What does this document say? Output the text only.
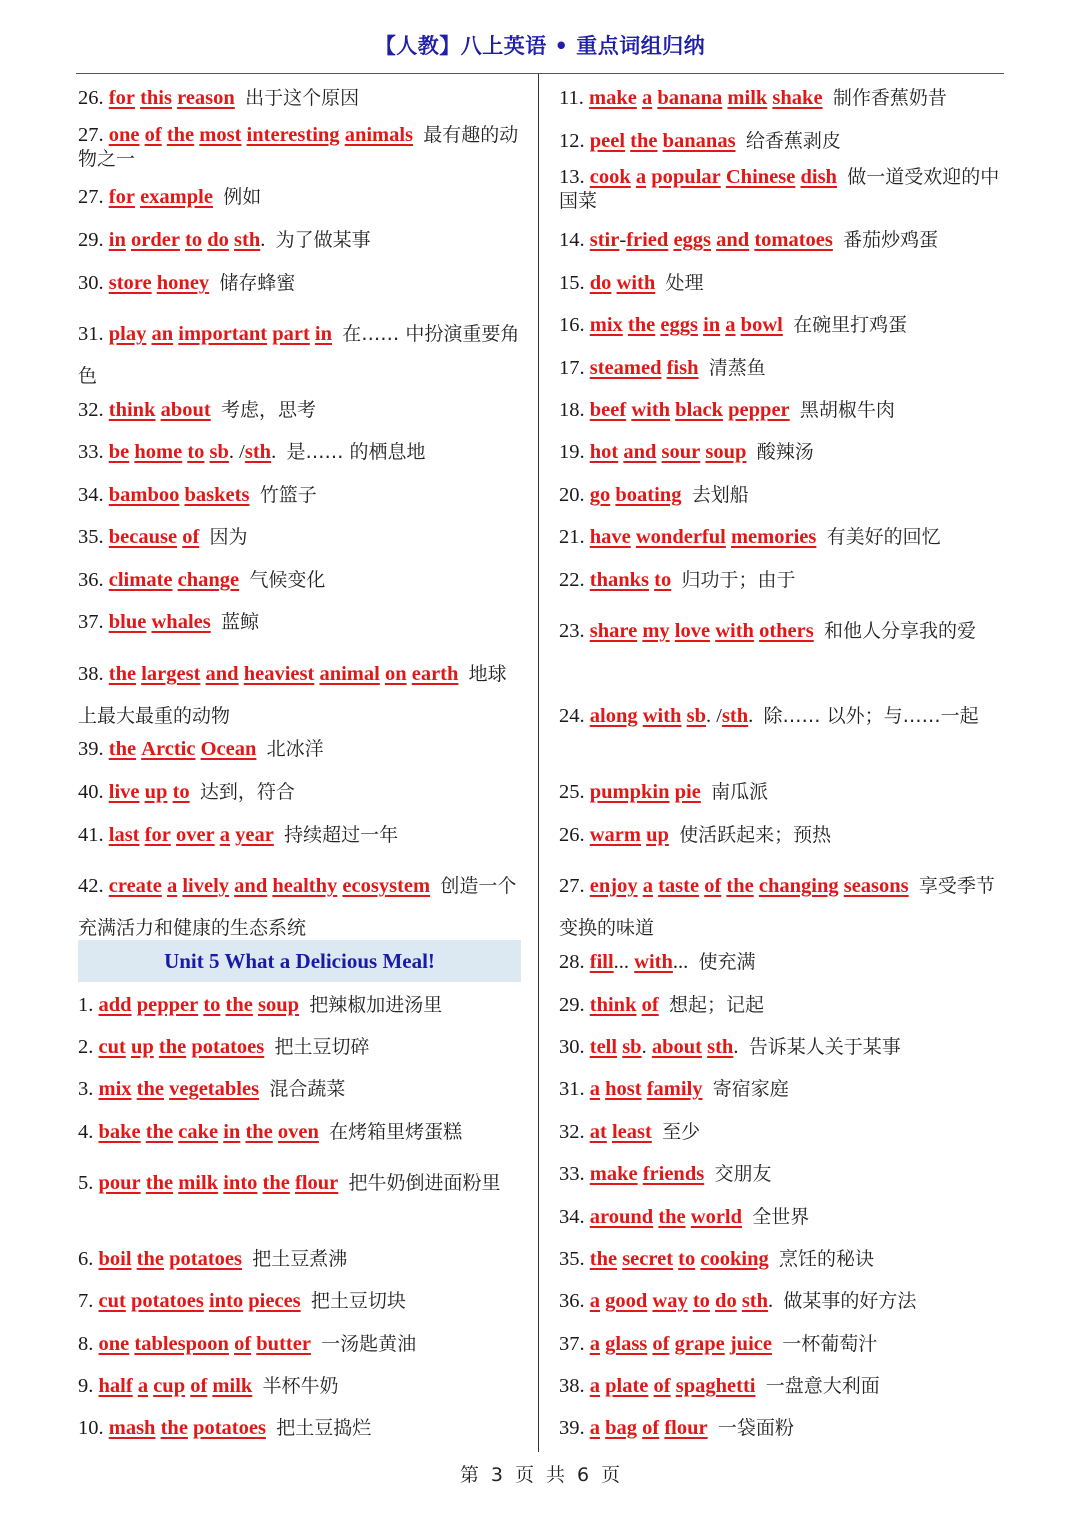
【人教】八上英语 • 重点词组归纳
Unit 5 What a Delicious Meal!
26. for this reason 出于这个原因
27. one of the most interesting animals 最有趣的动物之一
27. for example 例如
29. in order to do sth. 为了做某事
30. store honey 储存蜂蜜
31. play an important part in 在…… 中扮演重要角色
32. think about 考虑，思考
33. be home to sb. /sth. 是…… 的栖息地
34. bamboo baskets 竹篮子
35. because of 因为
36. climate change 气候变化
37. blue whales 蓝鲸
38. the largest and heaviest animal on earth 地球上最大最重的动物
39. the Arctic Ocean 北冰洋
40. live up to 达到，符合
41. last for over a year 持续超过一年
42. create a lively and healthy ecosystem 创造一个充满活力和健康的生态系统
1. add pepper to the soup 把辣椒加进汤里
2. cut up the potatoes 把土豆切碎
3. mix the vegetables 混合蔬菜
4. bake the cake in the oven 在烤箱里烤蛋糕
5. pour the milk into the flour 把牛奶倒进面粉里
6. boil the potatoes 把土豆煮沸
7. cut potatoes into pieces 把土豆切块
8. one tablespoon of butter 一汤匙黄油
9. half a cup of milk 半杯牛奶
10. mash the potatoes 把土豆捣烂
11. make a banana milk shake 制作香蕉奶昔
12. peel the bananas 给香蕉剥皮
13. cook a popular Chinese dish 做一道受欢迎的中国菜
14. stir-fried eggs and tomatoes 番茄炒鸡蛋
15. do with 处理
16. mix the eggs in a bowl 在碗里打鸡蛋
17. steamed fish 清蒸鱼
18. beef with black pepper 黑胡椒牛肉
19. hot and sour soup 酸辣汤
20. go boating 去划船
21. have wonderful memories 有美好的回忆
22. thanks to 归功于；由于
23. share my love with others 和他人分享我的爱
24. along with sb. /sth. 除…… 以外；与……一起
25. pumpkin pie 南瓜派
26. warm up 使活跃起来；预热
27. enjoy a taste of the changing seasons 享受季节变换的味道
28. fill... with... 使充满
29. think of 想起；记起
30. tell sb. about sth. 告诉某人关于某事
31. a host family 寄宿家庭
32. at least 至少
33. make friends 交朋友
34. around the world 全世界
35. the secret to cooking 烹饪的秘诀
36. a good way to do sth. 做某事的好方法
37. a glass of grape juice 一杯葡萄汁
38. a plate of spaghetti 一盘意大利面
39. a bag of flour 一袋面粉
第 3 页 共 6 页
